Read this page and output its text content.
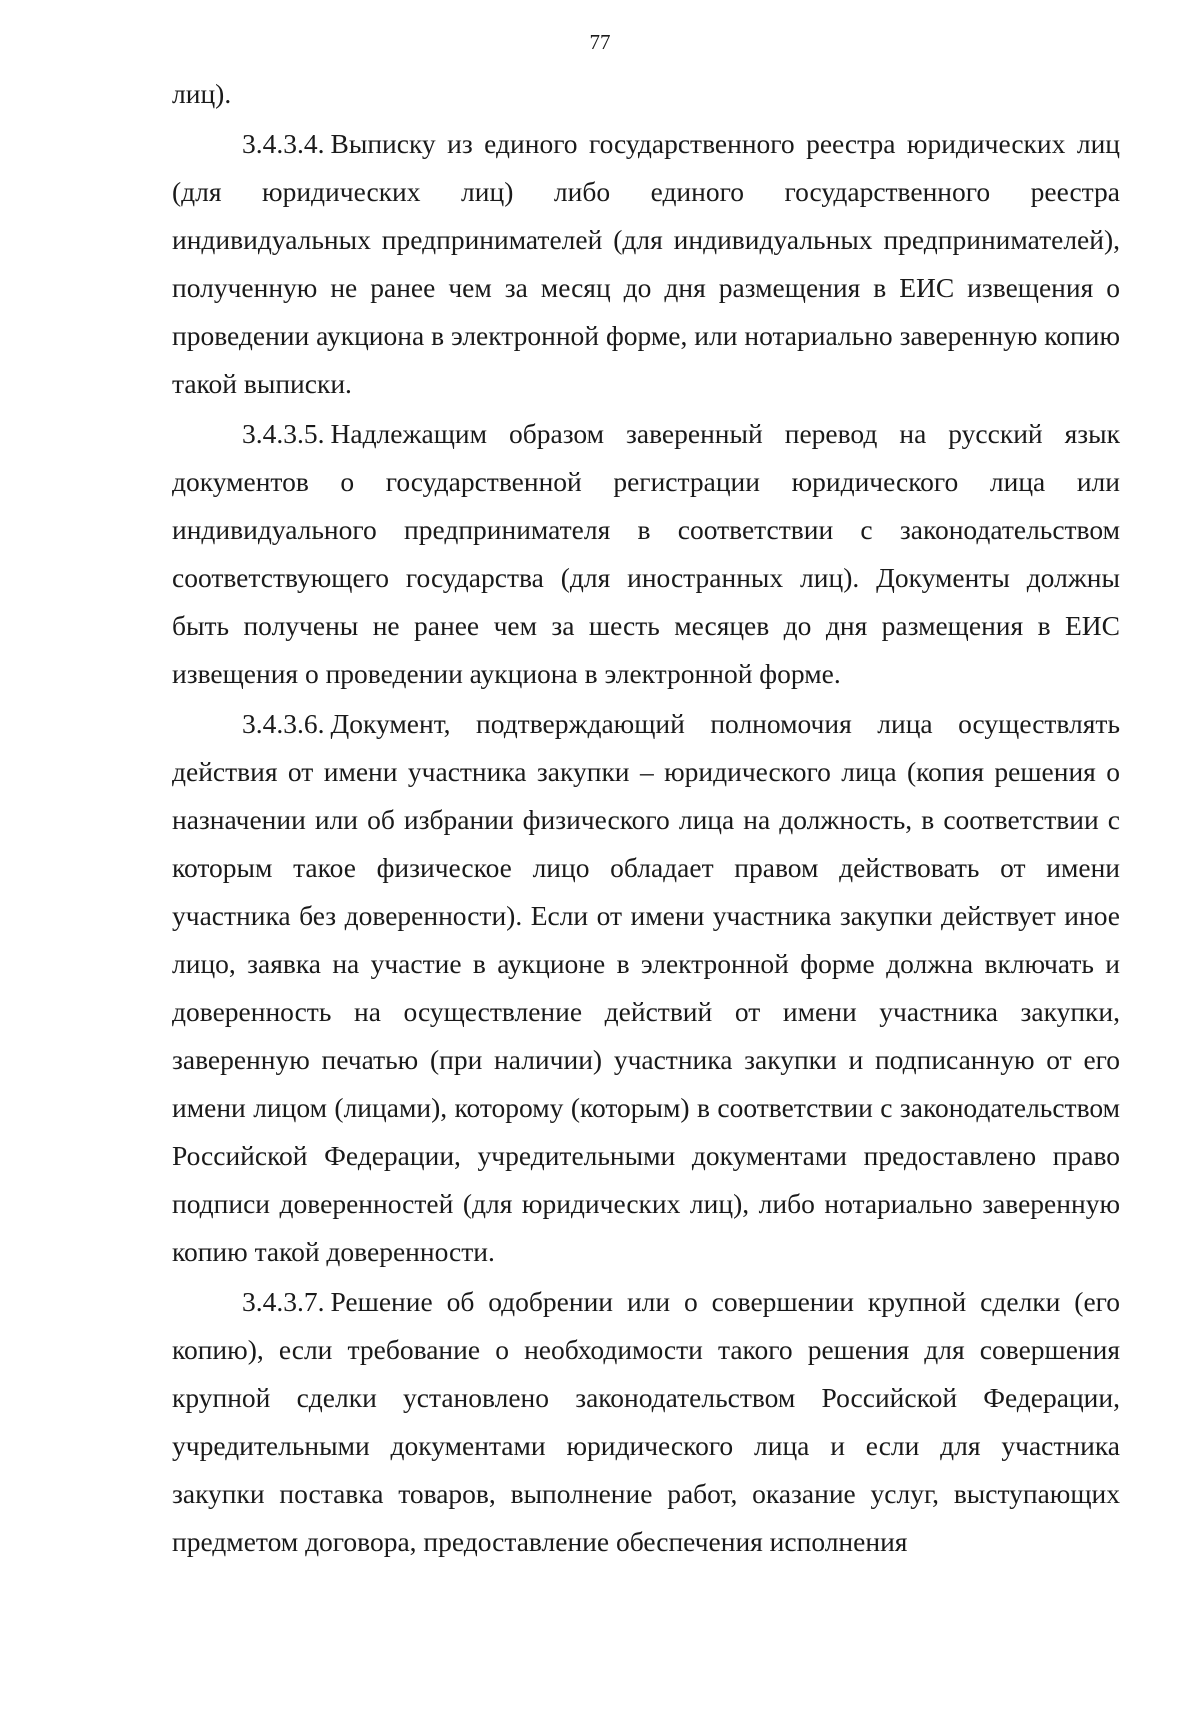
77

лиц).

3.4.3.4. Выписку из единого государственного реестра юридических лиц (для юридических лиц) либо единого государственного реестра индивидуальных предпринимателей (для индивидуальных предпринимателей), полученную не ранее чем за месяц до дня размещения в ЕИС извещения о проведении аукциона в электронной форме, или нотариально заверенную копию такой выписки.

3.4.3.5. Надлежащим образом заверенный перевод на русский язык документов о государственной регистрации юридического лица или индивидуального предпринимателя в соответствии с законодательством соответствующего государства (для иностранных лиц). Документы должны быть получены не ранее чем за шесть месяцев до дня размещения в ЕИС извещения о проведении аукциона в электронной форме.

3.4.3.6. Документ, подтверждающий полномочия лица осуществлять действия от имени участника закупки – юридического лица (копия решения о назначении или об избрании физического лица на должность, в соответствии с которым такое физическое лицо обладает правом действовать от имени участника без доверенности). Если от имени участника закупки действует иное лицо, заявка на участие в аукционе в электронной форме должна включать и доверенность на осуществление действий от имени участника закупки, заверенную печатью (при наличии) участника закупки и подписанную от его имени лицом (лицами), которому (которым) в соответствии с законодательством Российской Федерации, учредительными документами предоставлено право подписи доверенностей (для юридических лиц), либо нотариально заверенную копию такой доверенности.

3.4.3.7. Решение об одобрении или о совершении крупной сделки (его копию), если требование о необходимости такого решения для совершения крупной сделки установлено законодательством Российской Федерации, учредительными документами юридического лица и если для участника закупки поставка товаров, выполнение работ, оказание услуг, выступающих предметом договора, предоставление обеспечения исполнения
